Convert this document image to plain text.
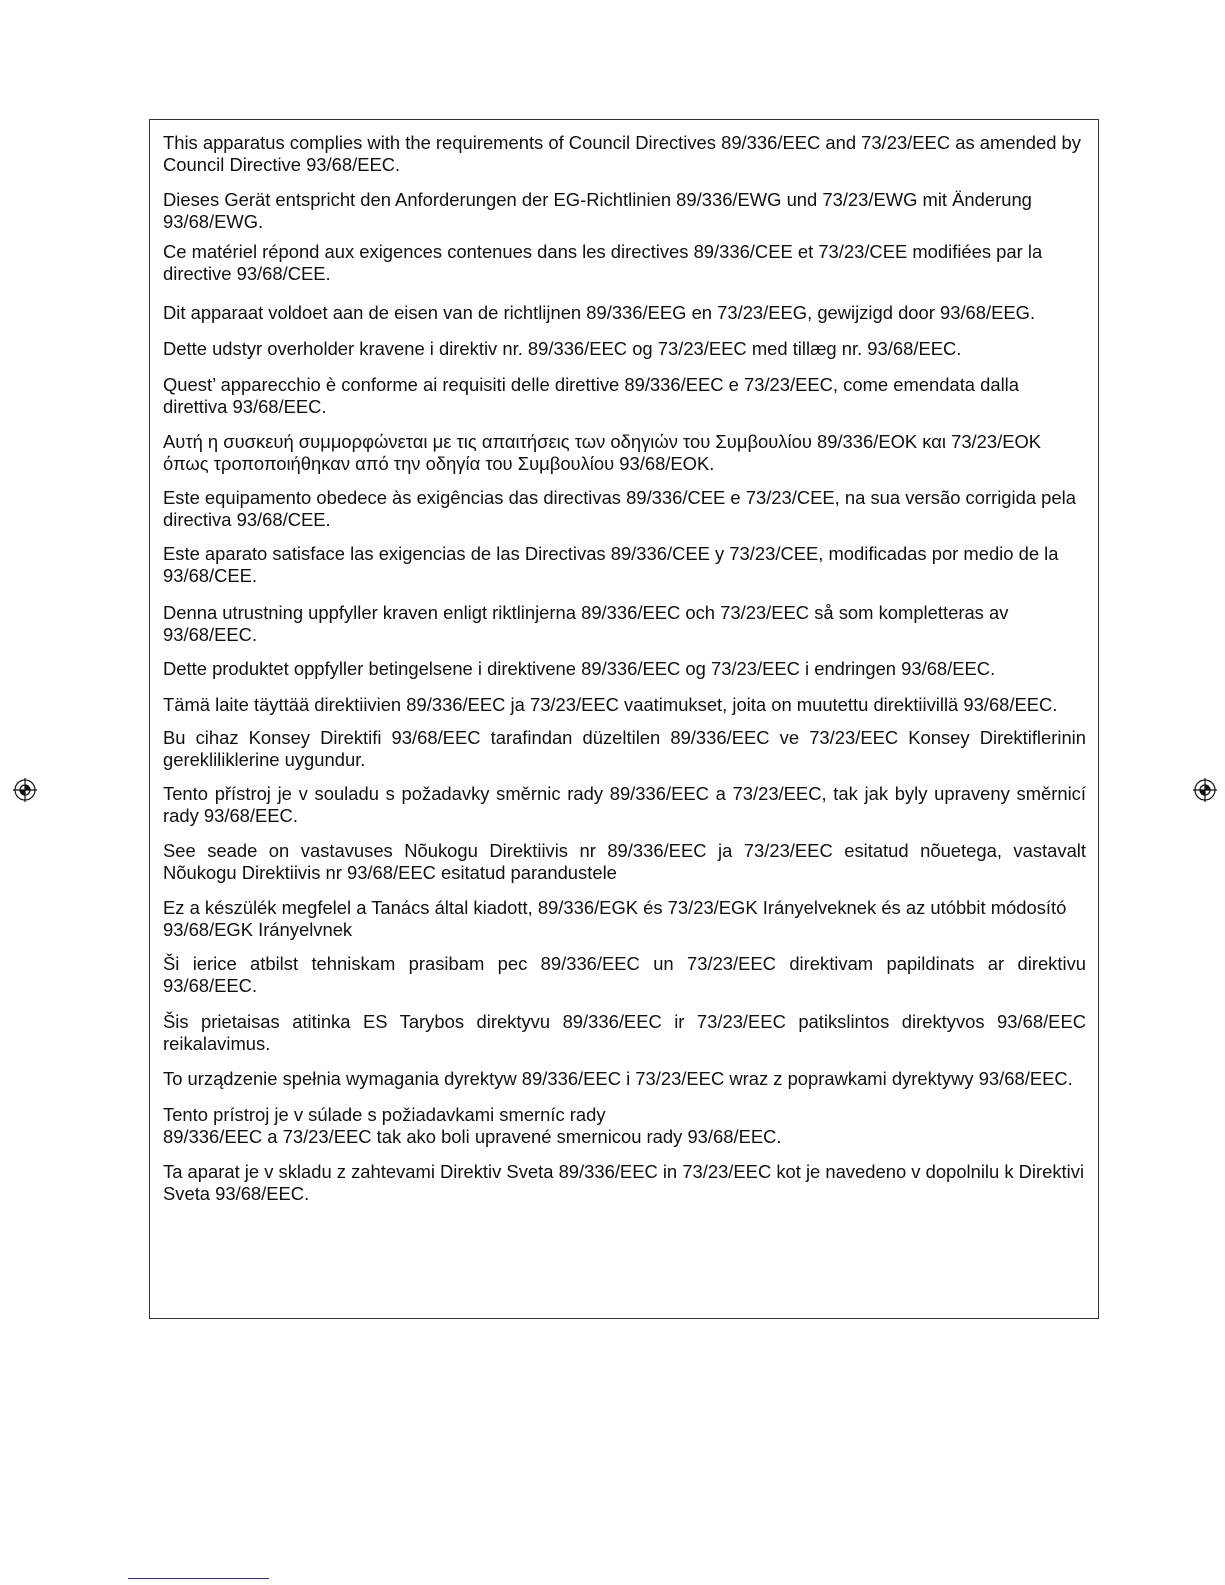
This apparatus complies with the requirements of Council Directives 89/336/EEC and 73/23/EEC as amended by Council Directive 93/68/EEC.

Dieses Gerät entspricht den Anforderungen der EG-Richtlinien 89/336/EWG und 73/23/EWG mit Änderung 93/68/EWG.

Ce matériel répond aux exigences contenues dans les directives 89/336/CEE et 73/23/CEE modifiées par la directive 93/68/CEE.

Dit apparaat voldoet aan de eisen van de richtlijnen 89/336/EEG en 73/23/EEG, gewijzigd door 93/68/EEG.

Dette udstyr overholder kravene i direktiv nr. 89/336/EEC og 73/23/EEC med tillæg nr. 93/68/EEC.

Quest’ apparecchio è conforme ai requisiti delle direttive 89/336/EEC e 73/23/EEC, come emendata dalla direttiva 93/68/EEC.

Αυτή η συσκευή συμμορφώνεται με τις απαιτήσεις των οδηγιών του Συμβουλίου 89/336/ΕΟΚ και 73/23/ΕΟΚ όπως τροποποιήθηκαν από την οδηγία του Συμβουλίου 93/68/ΕΟΚ.

Este equipamento obedece às exigências das directivas 89/336/CEE e 73/23/CEE, na sua versão corrigida pela directiva 93/68/CEE.

Este aparato satisface las exigencias de las Directivas 89/336/CEE y 73/23/CEE, modificadas por medio de la 93/68/CEE.

Denna utrustning uppfyller kraven enligt riktlinjerna 89/336/EEC och 73/23/EEC så som kompletteras av 93/68/EEC.

Dette produktet oppfyller betingelsene i direktivene 89/336/EEC og 73/23/EEC i endringen 93/68/EEC.

Tämä laite täyttää direktiivien 89/336/EEC ja 73/23/EEC vaatimukset, joita on muutettu direktiivillä 93/68/EEC.

Bu cihaz Konsey Direktifi 93/68/EEC tarafindan düzeltilen 89/336/EEC ve 73/23/EEC Konsey Direktiflerinin gerekliliklerine uygundur.

Tento přístroj je v souladu s požadavky směrnic rady 89/336/EEC a 73/23/EEC, tak jak byly upraveny směrnicí rady 93/68/EEC.

See seade on vastavuses Nõukogu Direktiivis nr 89/336/EEC ja 73/23/EEC esitatud nõuetega, vastavalt Nõukogu Direktiivis nr 93/68/EEC esitatud parandustele

Ez a készülék megfelel a Tanács által kiadott, 89/336/EGK és 73/23/EGK Irányelveknek és az utóbbit módosító 93/68/EGK Irányelvnek

Ši ierice atbilst tehniskam prasibam pec 89/336/EEC un 73/23/EEC direktivam papildinats ar direktivu 93/68/EEC.

Šis prietaisas atitinka ES Tarybos direktyvu 89/336/EEC ir 73/23/EEC patikslintos direktyvos 93/68/EEC reikalavimus.

To urządzenie spełnia wymagania dyrektyw 89/336/EEC i 73/23/EEC wraz z poprawkami dyrektywy 93/68/EEC.

Tento prístroj je v súlade s požiadavkami smerníc rady
89/336/EEC a 73/23/EEC tak ako boli upravené smernicou rady 93/68/EEC.

Ta aparat je v skladu z zahtevami Direktiv Sveta 89/336/EEC in 73/23/EEC kot je navedeno v dopolnilu k Direktivi Sveta 93/68/EEC.
